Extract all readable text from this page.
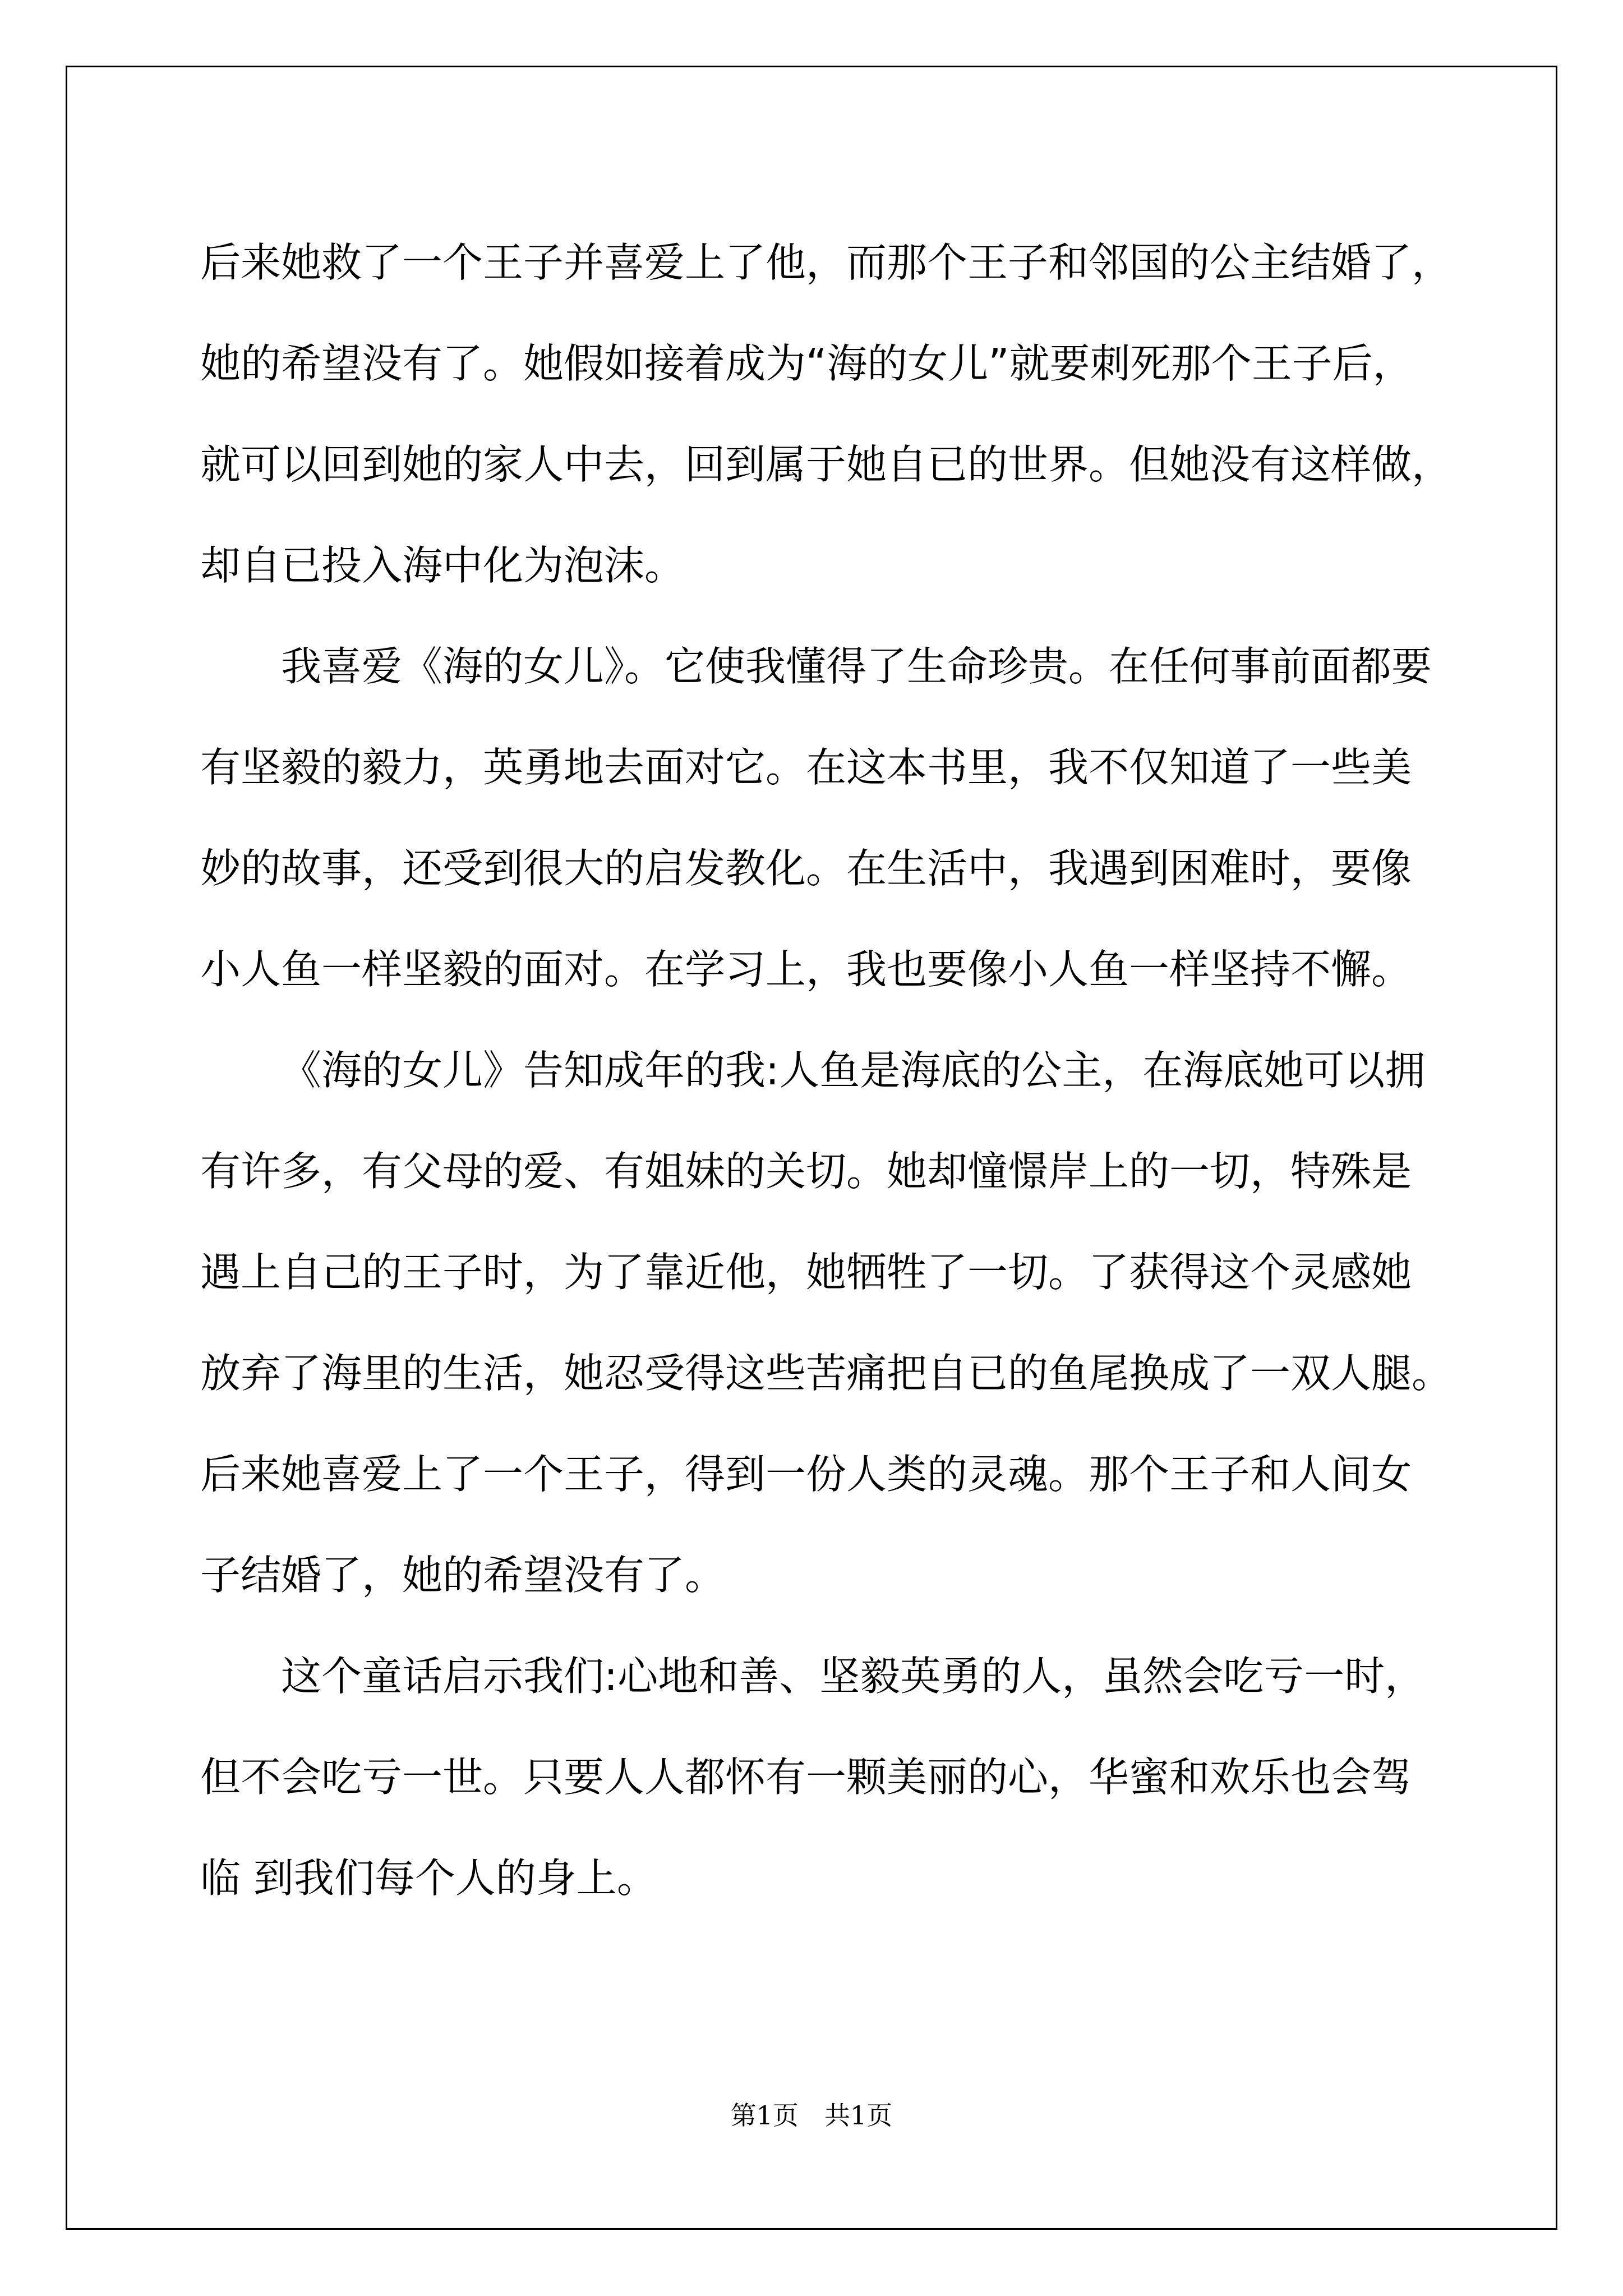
后来她救了一个王子并喜爱上了他，而那个王子和邻国的公主结婚了，

她的希望没有了。她假如接着成为“海的女儿”就要刺死那个王子后，

就可以回到她的家人中去，回到属于她自已的世界。但她没有这样做，

却自已投入海中化为泡沫。

我喜爱《海的女儿》。它使我懂得了生命珍贵。在任何事前面都要

有坚毅的毅力，英勇地去面对它。在这本书里，我不仅知道了一些美

妙的故事，还受到很大的启发教化。在生活中，我遇到困难时，要像

小人鱼一样坚毅的面对。在学习上，我也要像小人鱼一样坚持不懈。

《海的女儿》告知成年的我:人鱼是海底的公主，在海底她可以拥

有许多，有父母的爱、有姐妹的关切。她却憧憬岸上的一切，特殊是

遇上自己的王子时，为了靠近他，她牺牲了一切。了获得这个灵感她

放弃了海里的生活，她忍受得这些苦痛把自已的鱼尾换成了一双人腿。

后来她喜爱上了一个王子，得到一份人类的灵魂。那个王子和人间女

子结婚了，她的希望没有了。

这个童话启示我们:心地和善、坚毅英勇的人，虽然会吃亏一时，

但不会吃亏一世。只要人人都怀有一颗美丽的心，华蜜和欢乐也会驾

临 到我们每个人的身上。

第1页　共1页
